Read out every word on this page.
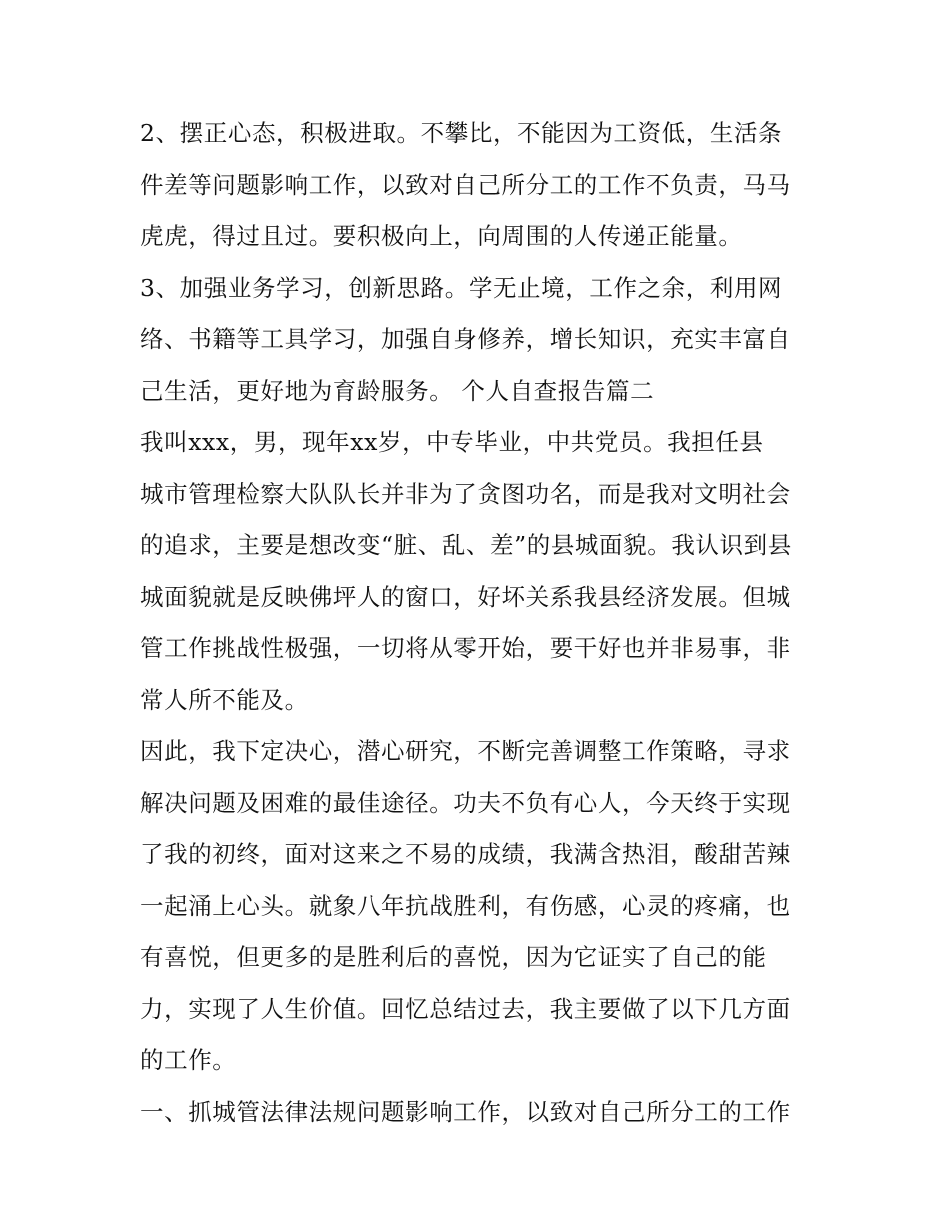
2、摆正心态，积极进取。不攀比，不能因为工资低，生活条
件差等问题影响工作，以致对自己所分工的工作不负责，马马
虎虎，得过且过。要积极向上，向周围的人传递正能量。
3、加强业务学习，创新思路。学无止境，工作之余，利用网
络、书籍等工具学习，加强自身修养，增长知识，充实丰富自
己生活，更好地为育龄服务。 个人自查报告篇二
我叫xxx，男，现年xx岁，中专毕业，中共党员。我担任县
城市管理检察大队队长并非为了贪图功名，而是我对文明社会
的追求，主要是想改变“脏、乱、差”的县城面貌。我认识到县
城面貌就是反映佛坪人的窗口，好坏关系我县经济发展。但城
管工作挑战性极强，一切将从零开始，要干好也并非易事，非
常人所不能及。
因此，我下定决心，潜心研究，不断完善调整工作策略，寻求
解决问题及困难的最佳途径。功夫不负有心人，今天终于实现
了我的初终，面对这来之不易的成绩，我满含热泪，酸甜苦辣
一起涌上心头。就象八年抗战胜利，有伤感，心灵的疼痛，也
有喜悦，但更多的是胜利后的喜悦，因为它证实了自己的能
力，实现了人生价值。回忆总结过去，我主要做了以下几方面
的工作。
一、抓城管法律法规问题影响工作，以致对自己所分工的工作
